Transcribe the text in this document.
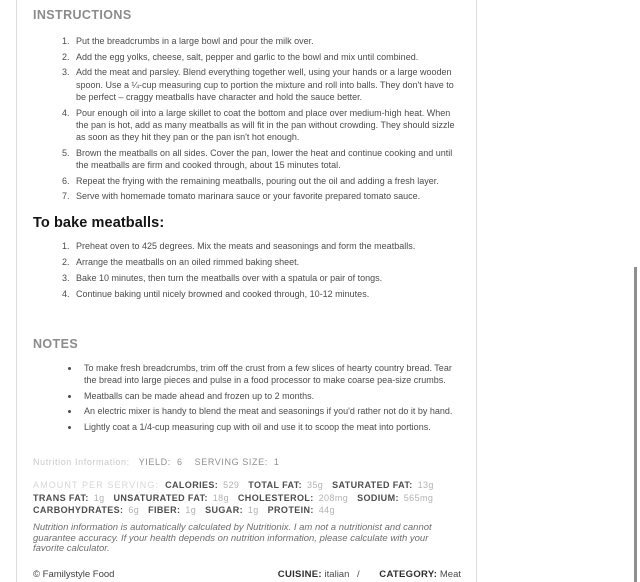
INSTRUCTIONS
1. Put the breadcrumbs in a large bowl and pour the milk over.
2. Add the egg yolks, cheese, salt, pepper and garlic to the bowl and mix until combined.
3. Add the meat and parsley. Blend everything together well, using your hands or a large wooden spoon. Use a ¼-cup measuring cup to portion the mixture and roll into balls. They don't have to be perfect – craggy meatballs have character and hold the sauce better.
4. Pour enough oil into a large skillet to coat the bottom and place over medium-high heat. When the pan is hot, add as many meatballs as will fit in the pan without crowding. They should sizzle as soon as they hit they pan or the pan isn't hot enough.
5. Brown the meatballs on all sides. Cover the pan, lower the heat and continue cooking and until the meatballs are firm and cooked through, about 15 minutes total.
6. Repeat the frying with the remaining meatballs, pouring out the oil and adding a fresh layer.
7. Serve with homemade tomato marinara sauce or your favorite prepared tomato sauce.
To bake meatballs:
1. Preheat oven to 425 degrees. Mix the meats and seasonings and form the meatballs.
2. Arrange the meatballs on an oiled rimmed baking sheet.
3. Bake 10 minutes, then turn the meatballs over with a spatula or pair of tongs.
4. Continue baking until nicely browned and cooked through, 10-12 minutes.
NOTES
• To make fresh breadcrumbs, trim off the crust from a few slices of hearty country bread. Tear the bread into large pieces and pulse in a food processor to make coarse pea-size crumbs.
• Meatballs can be made ahead and frozen up to 2 months.
• An electric mixer is handy to blend the meat and seasonings if you'd rather not do it by hand.
• Lightly coat a 1/4-cup measuring cup with oil and use it to scoop the meat into portions.
Nutrition Information: YIELD: 6 SERVING SIZE: 1
AMOUNT PER SERVING: CALORIES: 529 TOTAL FAT: 35g SATURATED FAT: 13g TRANS FAT: 1g UNSATURATED FAT: 18g CHOLESTEROL: 208mg SODIUM: 565mg CARBOHYDRATES: 6g FIBER: 1g SUGAR: 1g PROTEIN: 44g
Nutrition information is automatically calculated by Nutritionix. I am not a nutritionist and cannot guarantee accuracy. If your health depends on nutrition information, please calculate with your favorite calculator.
© Familystyle Food	CUISINE: italian / CATEGORY: Meat
